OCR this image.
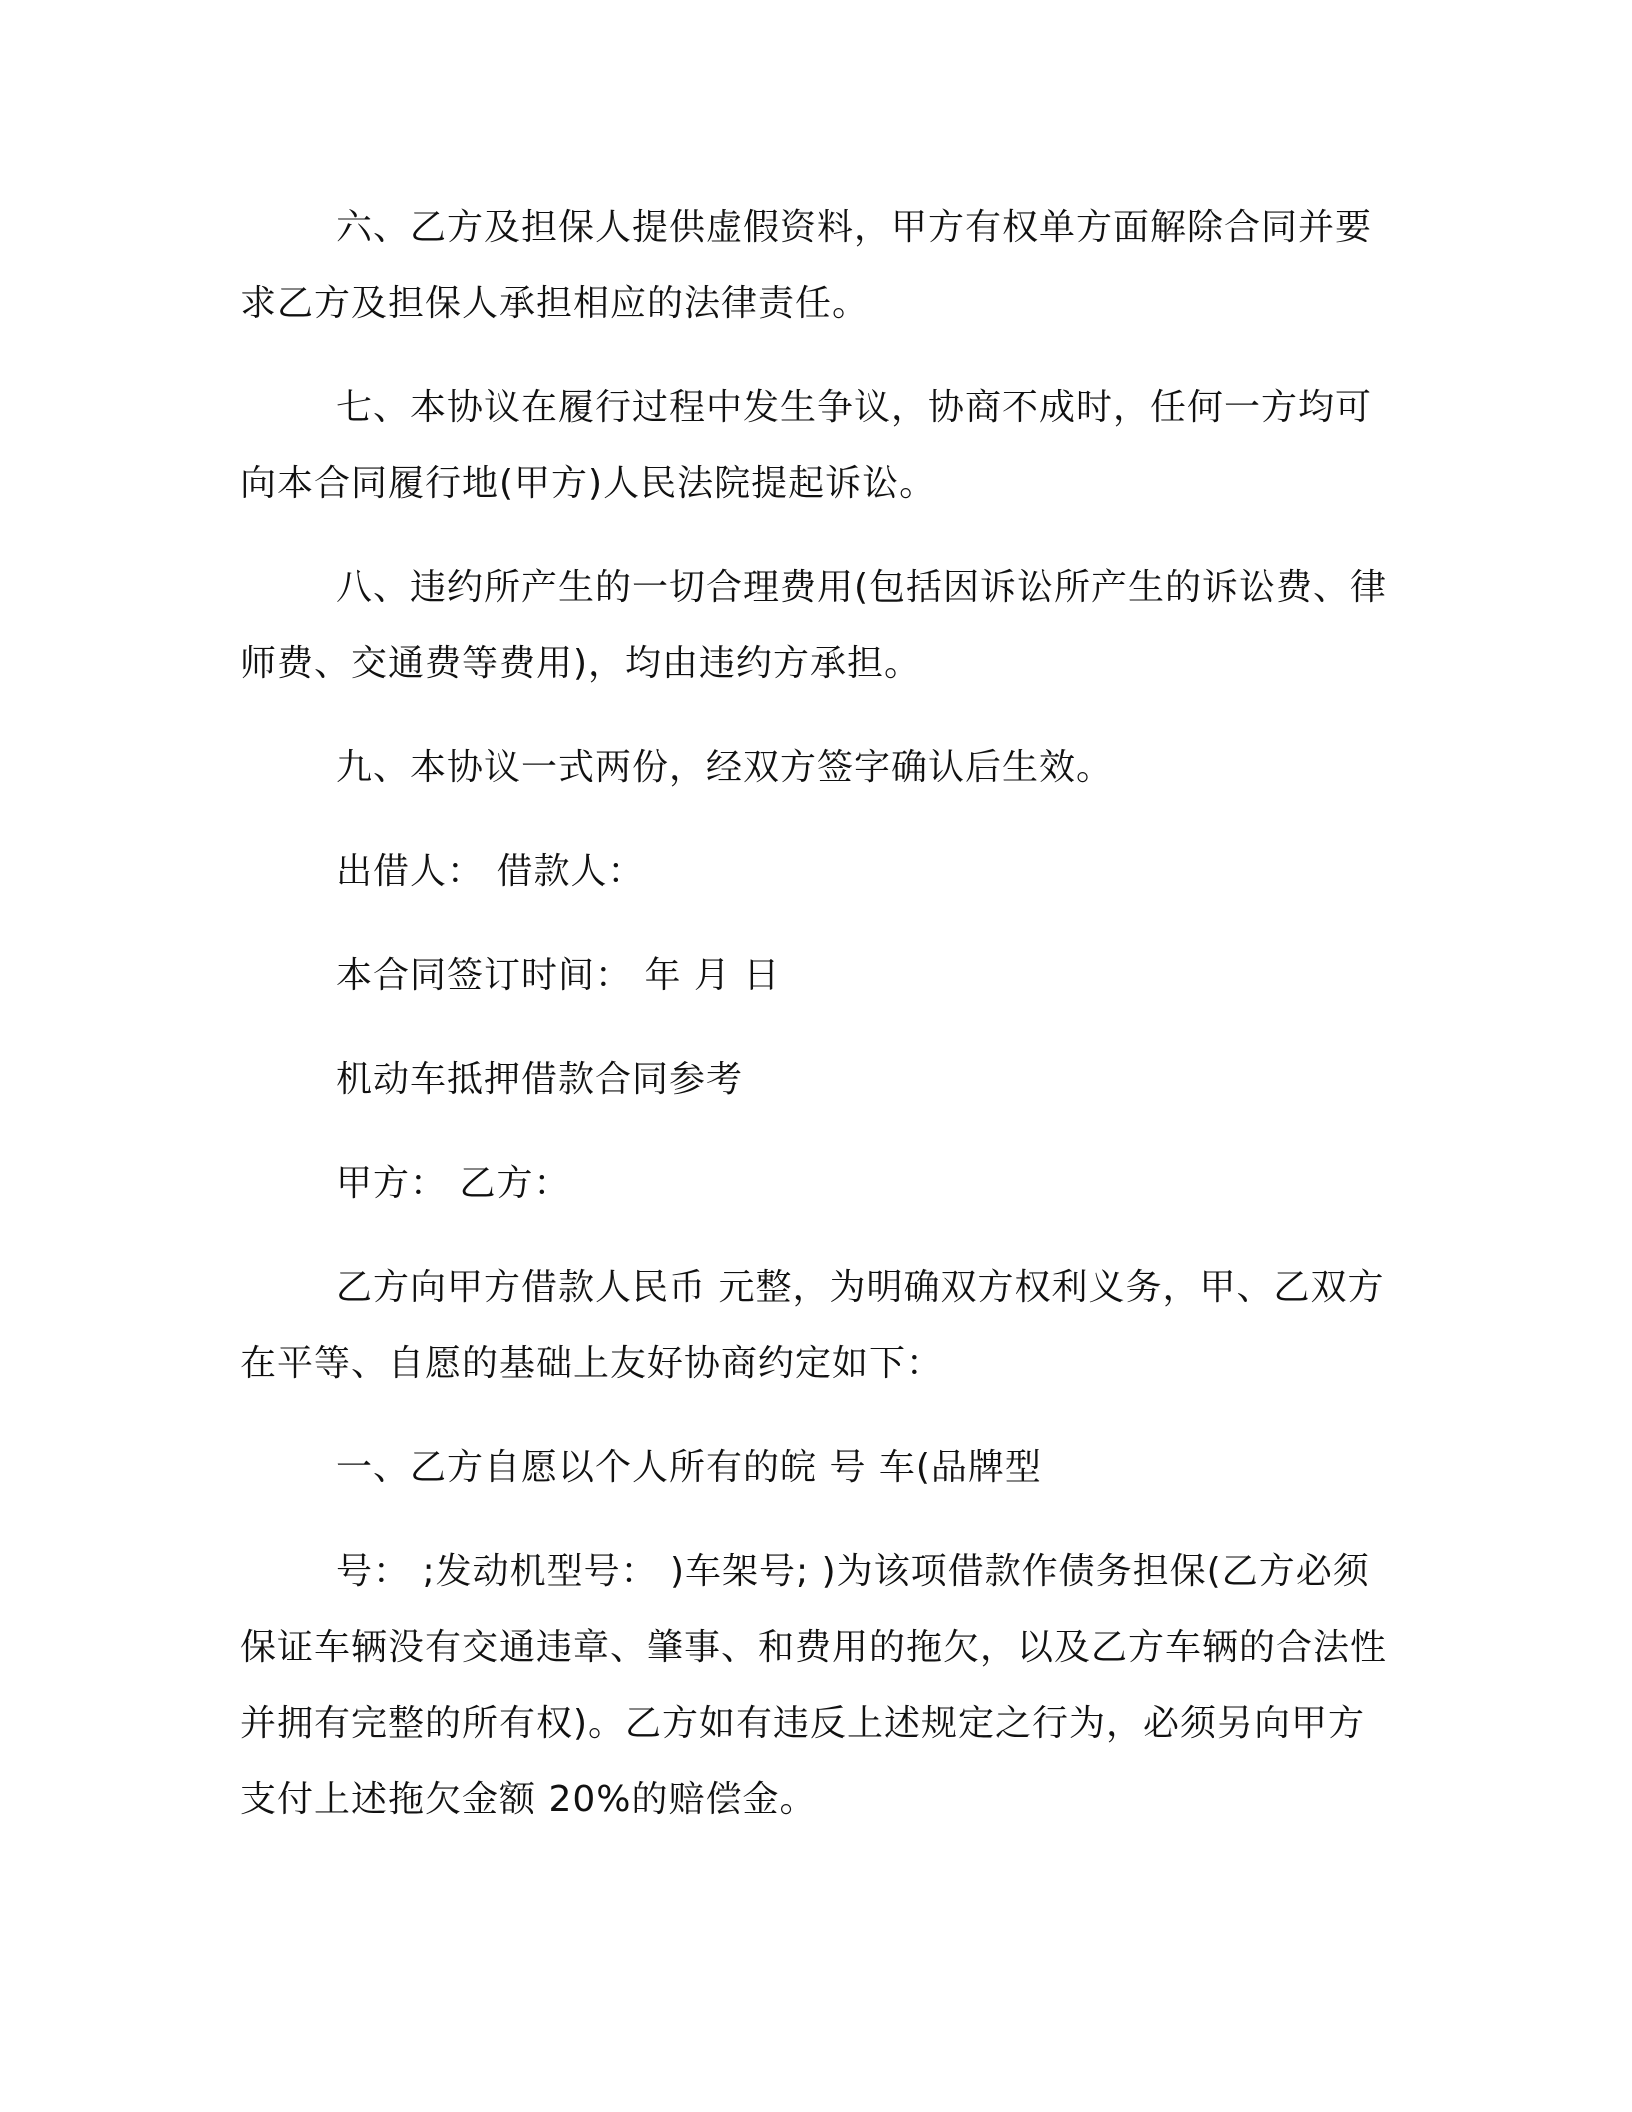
六、乙方及担保人提供虚假资料，甲方有权单方面解除合同并要求乙方及担保人承担相应的法律责任。

七、本协议在履行过程中发生争议，协商不成时，任何一方均可向本合同履行地(甲方)人民法院提起诉讼。

八、违约所产生的一切合理费用(包括因诉讼所产生的诉讼费、律师费、交通费等费用)，均由违约方承担。

九、本协议一式两份，经双方签字确认后生效。

出借人： 借款人：

本合同签订时间： 年 月 日

机动车抵押借款合同参考

甲方： 乙方：

乙方向甲方借款人民币 元整，为明确双方权利义务，甲、乙双方在平等、自愿的基础上友好协商约定如下：

一、乙方自愿以个人所有的皖 号 车(品牌型

号： ;发动机型号： )车架号; )为该项借款作债务担保(乙方必须保证车辆没有交通违章、肇事、和费用的拖欠，以及乙方车辆的合法性并拥有完整的所有权)。乙方如有违反上述规定之行为，必须另向甲方支付上述拖欠金额 20%的赔偿金。
